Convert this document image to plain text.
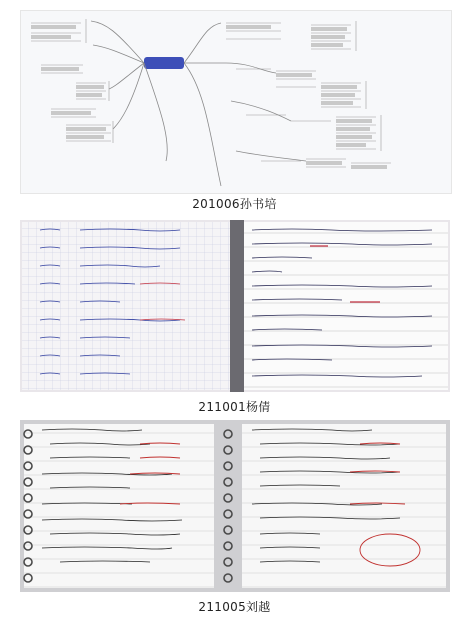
201006孙书培
211001杨倩
211005刘越
